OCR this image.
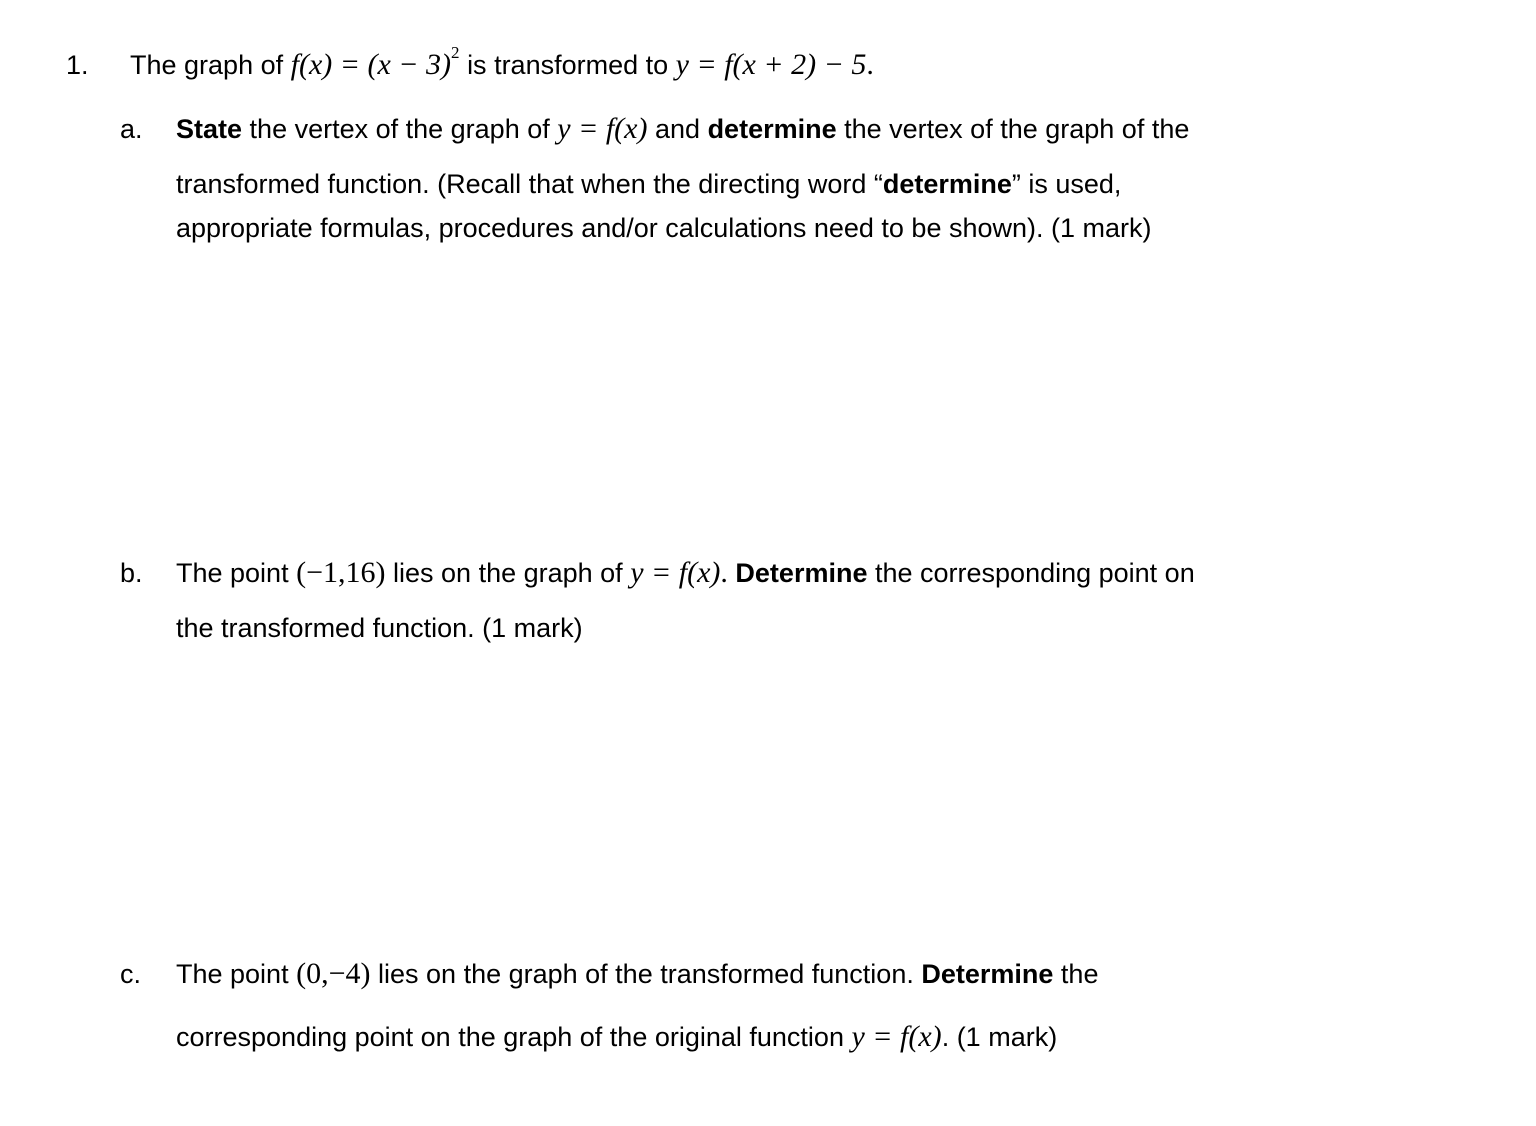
1. The graph of $f(x) = (x - 3)^2$ is transformed to y = f(x + 2) − 5.
a. State the vertex of the graph of y = f(x) and determine the vertex of the graph of the
transformed function. (Recall that when the directing word “determine” is used,
appropriate formulas, procedures and/or calculations need to be shown). (1 mark)
b. The point (−1,16) lies on the graph of y = f(x). Determine the corresponding point on
the transformed function. (1 mark)
c. The point (0,−4) lies on the graph of the transformed function. Determine the
corresponding point on the graph of the original function y = f(x). (1 mark)
